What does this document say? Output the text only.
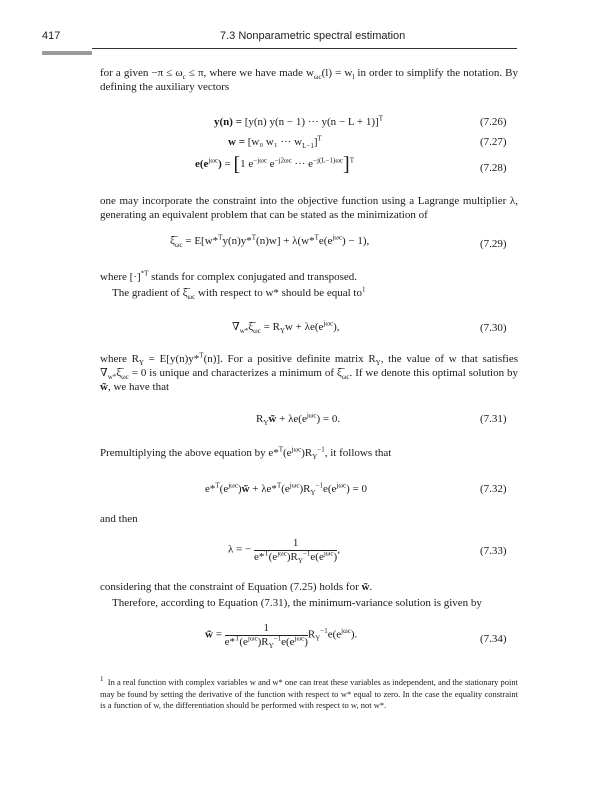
417	7.3 Nonparametric spectral estimation
for a given $-\pi \le \omega_c \le \pi$, where we have made $w_{\omega c}(l) = w_l$ in order to simplify the notation. By defining the auxiliary vectors
y(n) = [y(n) y(n − 1) ··· y(n − L + 1)]$^T$	(7.26)
w = [w₀ w₁ ··· $w_{L-1}]^T$	(7.27)
$e(e^{j\omega c}) = [1$ $e^{-j\omega c}$ $e^{-j2\omega c}$ ··· $e^{-j(L-1)\omega c}]^T$
(7.28)
one may incorporate the constraint into the objective function using a Lagrange multiplier λ, generating an equivalent problem that can be stated as the minimization of
$\xi̅_{\omega c} = E[w*^Ty(n)y*^T(n)w] + \lambda(w*^Te(e^{j\omega c}) - 1)$,	(7.29)
where $[\cdot]^{*T}$ stands for complex conjugated and transposed.
The gradient of $\xi̅_{\omega c}$ with respect to w* should be equal $to^1$
$\nabla_{w*}\xi̅_{\omega c} = R_Yw + \lambda e(e^{j\omega c})$,	(7.30)
where $R_Y = E[y(n)y*^T(n)]$. For a positive definite matrix $R_Y$, the value of w that satisfies $\nabla_{w*}\xi̅_{\omega c} = 0$ is unique and characterizes a minimum of $\xi̅_{\omega c}$. If we denote this optimal solution by w̃, we have that
$R_Yw̃ + \lambda e(e^{j\omega c}) = 0$.	(7.31)
Premultiplying the above equation by $e*^T(e^{j\omega c})R_Y^{-1}$, it follows that
$e*^T(e^{j\omega c})w̃ + \lambda e*^T(e^{j\omega c})R_Y^{-1}e(e^{j\omega c}) = 0$	(7.32)
and then
λ = −
1
$e*^T(e^{j\omega c})R_Y^{-1}e(e^{j\omega c})$
,	(7.33)
considering that the constraint of Equation (7.25) holds for w̃.
Therefore, according to Equation (7.31), the minimum-variance solution is given by
w̃ =
1
$e*^T(e^{j\omega c})R_Y^{-1}e(e^{j\omega c})$
$R_Y^{-1}e(e^{j\omega c})$.	(7.34)
$^1$ In a real function with complex variables w and w* one can treat these variables as independent, and the stationary point may be found by setting the derivative of the function with respect to w* equal to zero. In the case the equality constraint is a function of w, the differentiation should be performed with respect to w, not w*.
